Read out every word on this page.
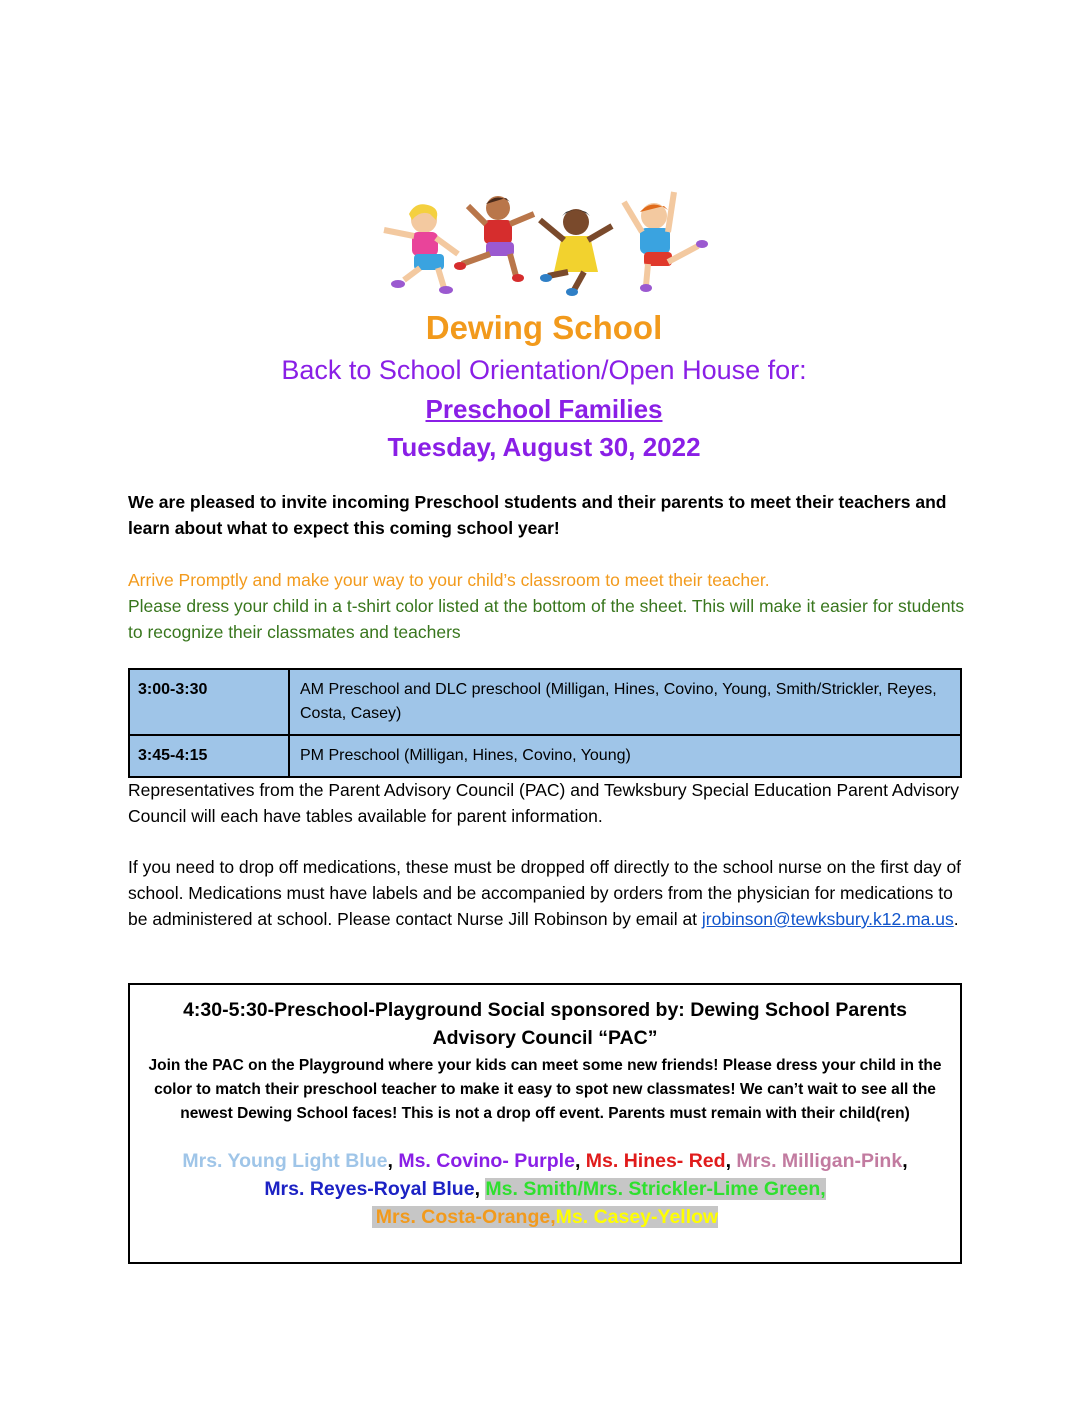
Dewing School
Back to School Orientation/Open House for:
Preschool Families
Tuesday, August 30, 2022
We are pleased to invite incoming Preschool students and their parents to meet their teachers and learn about what to expect this coming school year!
Arrive Promptly and make your way to your child’s classroom to meet their teacher.
Please dress your child in a t-shirt color listed at the bottom of the sheet. This will make it easier for students to recognize their classmates and teachers
3:00-3:30	AM Preschool and DLC preschool (Milligan, Hines, Covino, Young, Smith/Strickler, Reyes, Costa, Casey)
3:45-4:15	PM Preschool (Milligan, Hines, Covino, Young)
Representatives from the Parent Advisory Council (PAC) and Tewksbury Special Education Parent Advisory Council will each have tables available for parent information.
If you need to drop off medications, these must be dropped off directly to the school nurse on the first day of school. Medications must have labels and be accompanied by orders from the physician for medications to be administered at school. Please contact Nurse Jill Robinson by email at jrobinson@tewksbury.k12.ma.us.
4:30-5:30-Preschool-Playground Social sponsored by: Dewing School Parents Advisory Council “PAC”
Join the PAC on the Playground where your kids can meet some new friends! Please dress your child in the color to match their preschool teacher to make it easy to spot new classmates! We can’t wait to see all the newest Dewing School faces! This is not a drop off event. Parents must remain with their child(ren)
Mrs. Young Light Blue, Ms. Covino- Purple, Ms. Hines- Red, Mrs. Milligan-Pink,
Mrs. Reyes-Royal Blue, Ms. Smith/Mrs. Strickler-Lime Green,
Mrs. Costa-Orange,Ms. Casey-Yellow
